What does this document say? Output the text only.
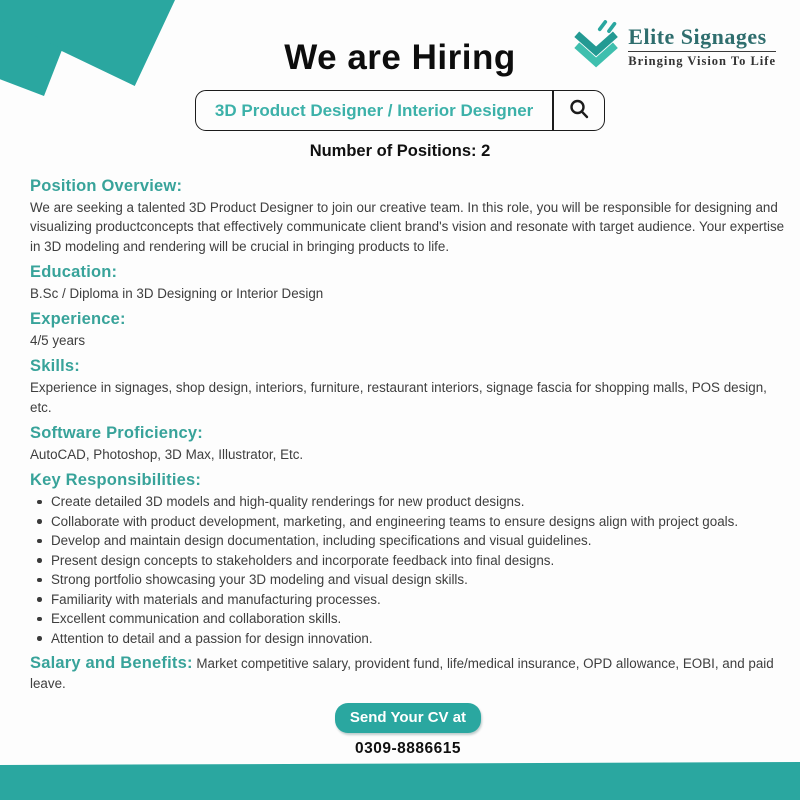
We are Hiring
Elite Signages
Bringing Vision To Life
3D Product Designer / Interior Designer
Number of Positions: 2
Position Overview:

We are seeking a talented 3D Product Designer to join our creative team. In this role, you will be responsible for designing and visualizing productconcepts that effectively communicate client brand's vision and resonate with target audience. Your expertise in 3D modeling and rendering will be crucial in bringing products to life.

Education:

B.Sc / Diploma in 3D Designing or Interior Design

Experience:

4/5 years

Skills:

Experience in signages, shop design, interiors, furniture, restaurant interiors, signage fascia for shopping malls, POS design, etc.

Software Proficiency:

AutoCAD, Photoshop, 3D Max, Illustrator, Etc.

Key Responsibilities:
Create detailed 3D models and high-quality renderings for new product designs.
Collaborate with product development, marketing, and engineering teams to ensure designs align with project goals.
Develop and maintain design documentation, including specifications and visual guidelines.
Present design concepts to stakeholders and incorporate feedback into final designs.
Strong portfolio showcasing your 3D modeling and visual design skills.
Familiarity with materials and manufacturing processes.
Excellent communication and collaboration skills.
Attention to detail and a passion for design innovation.

Salary and Benefits: Market competitive salary, provident fund, life/medical insurance, OPD allowance, EOBI, and paid leave.

Send Your CV at
0309-8886615
